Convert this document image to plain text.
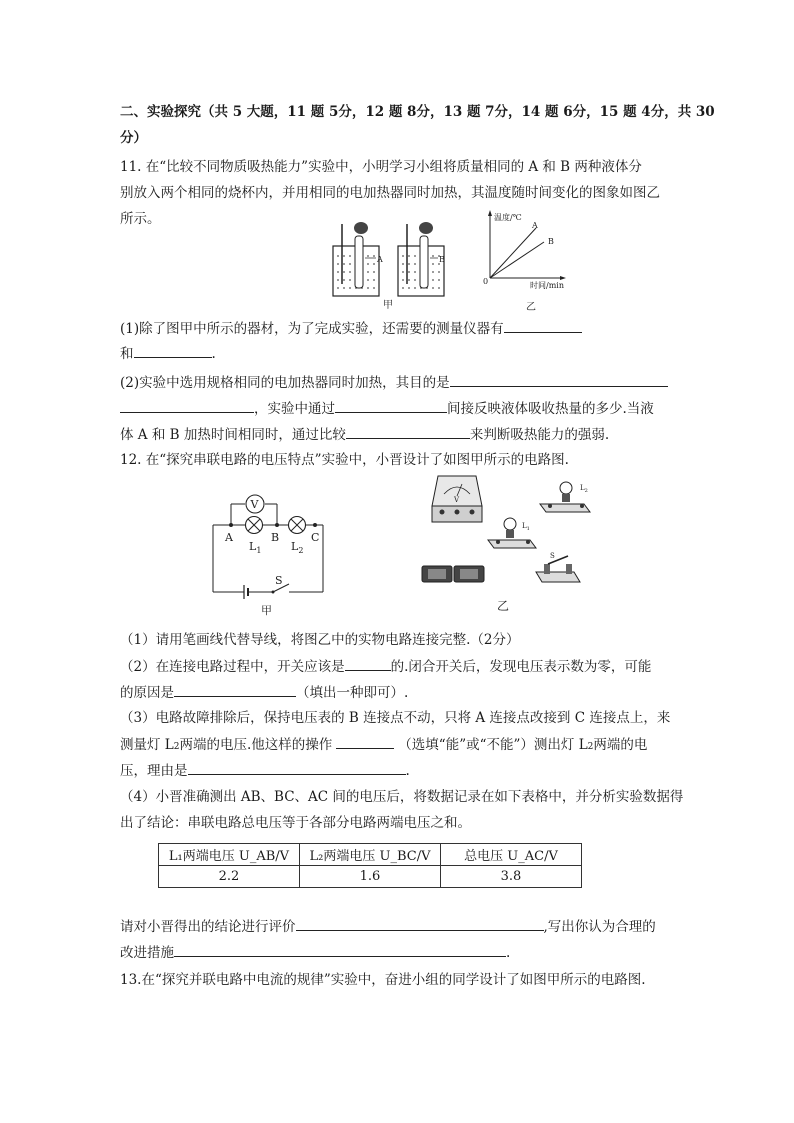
二、实验探究（共 5 大题，11 题 5分，12 题 8分，13 题 7分，14 题 6分，15 题 4分，共 30
分）
11. 在“比较不同物质吸热能力”实验中，小明学习小组将质量相同的 A 和 B 两种液体分
别放入两个相同的烧杯内，并用相同的电加热器同时加热，其温度随时间变化的图象如图乙
所示。
A	B
甲
温度/℃
时间/min
0
A
B
乙
(1)除了图甲中所示的器材，为了完成实验，还需要的测量仪器有
和	.
(2)实验中选用规格相同的电加热器同时加热，其目的是
，实验中通过	间接反映液体吸收热量的多少.当液
体 A 和 B 加热时间相同时，通过比较	来判断吸热能力的强弱.
12. 在“探究串联电路的电压特点”实验中，小晋设计了如图甲所示的电路图.
V
A	B	C
$L_1$	$L_2$
S
甲
V
$L_2$
$L_1$
S
乙
（1）请用笔画线代替导线，将图乙中的实物电路连接完整.（2分）
（2）在连接电路过程中，开关应该是	的.闭合开关后，发现电压表示数为零，可能
的原因是	（填出一种即可）.
（3）电路故障排除后，保持电压表的 B 连接点不动，只将 A 连接点改接到 C 连接点上，来
测量灯 L2两端的电压.他这样的操作	（选填“能”或“不能”）测出灯 L2两端的电
压，理由是	.
（4）小晋准确测出 AB、BC、AC 间的电压后，将数据记录在如下表格中，并分析实验数据得
出了结论：串联电路总电压等于各部分电路两端电压之和。
L₁两端电压 U_AB/V	L₂两端电压 U_BC/V	总电压 U_AC/V
2.2	1.6	3.8
请对小晋得出的结论进行评价	,写出你认为合理的
改进措施	.
13.在“探究并联电路中电流的规律”实验中，奋进小组的同学设计了如图甲所示的电路图.
